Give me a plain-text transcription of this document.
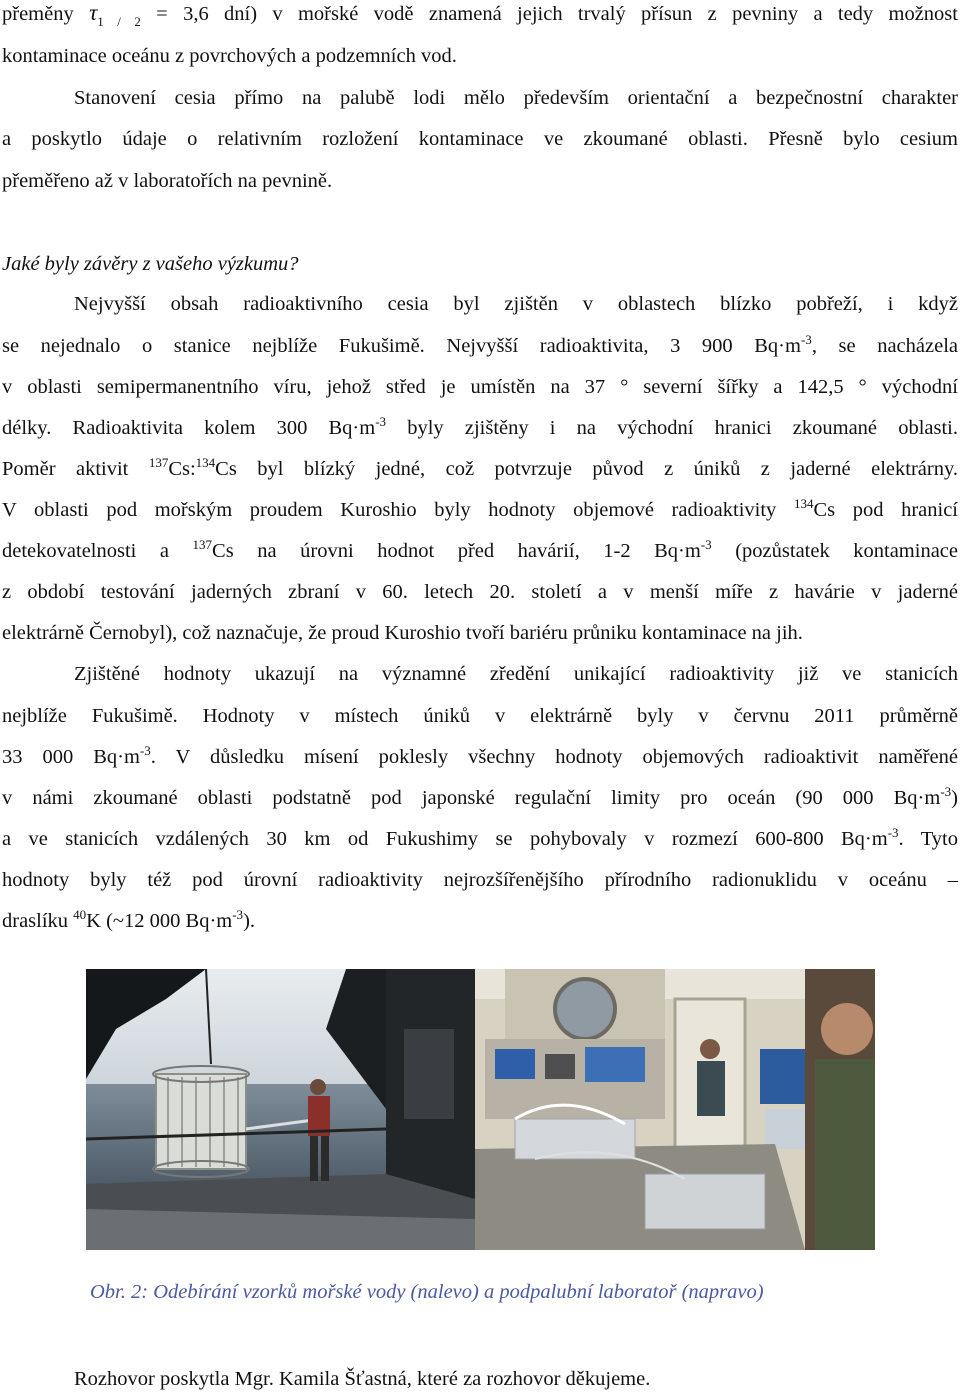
přeměny $\tau_{1 / 2} = 3,6$ dní) v mořské vodě znamená jejich trvalý přísun z pevniny a tedy možnost
kontaminace oceánu z povrchových a podzemních vod.
Stanovení cesia přímo na palubě lodi mělo především orientační a bezpečnostní charakter
a poskytlo údaje o relativním rozložení kontaminace ve zkoumané oblasti. Přesně bylo cesium
přeměřeno až v laboratořích na pevnině.
Jaké byly závěry z vašeho výzkumu?
Nejvyšší obsah radioaktivního cesia byl zjištěn v oblastech blízko pobřeží, i když
se nejednalo o stanice nejblíže Fukušimě. Nejvyšší radioaktivita, 3 900 $Bq\cdot m^{-3}$, se nacházela
v oblasti semipermanentního víru, jehož střed je umístěn na 37 ° severní šířky a 142,5 ° východní
délky. Radioaktivita kolem 300 $Bq\cdot m^{-3}$ byly zjištěny i na východní hranici zkoumané oblasti.
Poměr aktivit $^{137}$Cs:$^{134}$Cs byl blízký jedné, což potvrzuje původ z úniků z jaderné elektrárny.
V oblasti pod mořským proudem Kuroshio byly hodnoty objemové radioaktivity $^{134}$Cs pod hranicí
detekovatelnosti a $^{137}$Cs na úrovni hodnot před havárií, 1-2 $Bq\cdot m^{-3}$ (pozůstatek kontaminace
z období testování jaderných zbraní v 60. letech 20. století a v menší míře z havárie v jaderné
elektrárně Černobyl), což naznačuje, že proud Kuroshio tvoří bariéru průniku kontaminace na jih.
Zjištěné hodnoty ukazují na významné zředění unikající radioaktivity již ve stanicích
nejblíže Fukušimě. Hodnoty v místech úniků v elektrárně byly v červnu 2011 průměrně
33 000 $Bq\cdot m^{-3}$. V důsledku mísení poklesly všechny hodnoty objemových radioaktivit naměřené
v námi zkoumané oblasti podstatně pod japonské regulační limity pro oceán (90 000 $Bq\cdot m^{-3}$)
a ve stanicích vzdálených 30 km od Fukushimy se pohybovaly v rozmezí 600-800 $Bq\cdot m^{-3}$. Tyto
hodnoty byly též pod úrovní radioaktivity nejrozšířenějšího přírodního radionuklidu v oceánu –
draslíku $^{40}$K (~12 000 $Bq\cdot m^{-3}$).
Obr. 2: Odebírání vzorků mořské vody (nalevo) a podpalubní laboratoř (napravo)
Rozhovor poskytla Mgr. Kamila Šťastná, které za rozhovor děkujeme.
